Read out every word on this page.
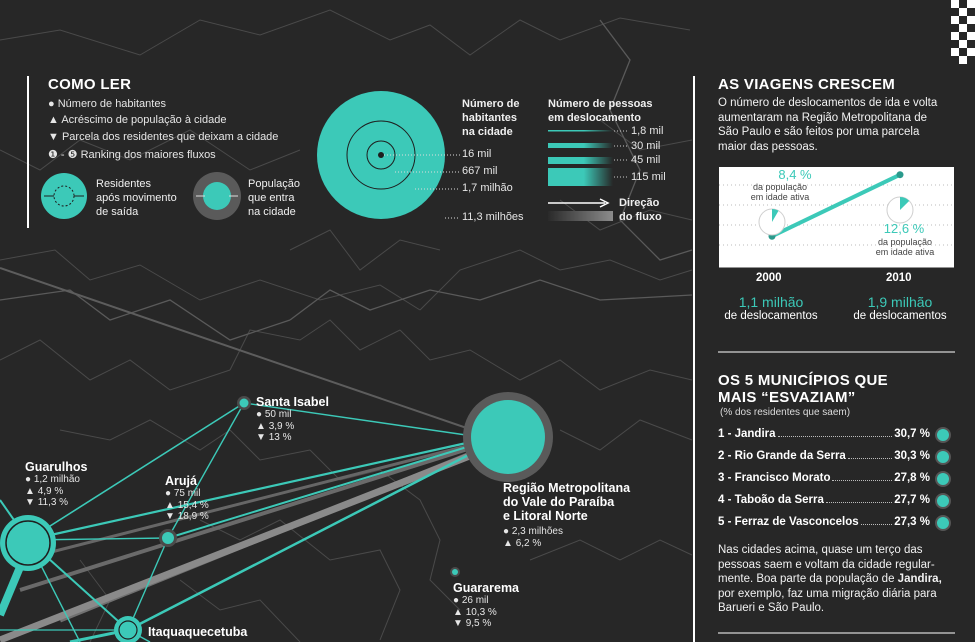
COMO LER
● Número de habitantes
▲ Acréscimo de população à cidade
▼ Parcela dos residentes que deixam a cidade
❶ - ❺ Ranking dos maiores fluxos
Residentes
após movimento
de saída
População
que entra
na cidade
Número de
habitantes
na cidade
16 mil
667 mil
1,7 milhão
11,3 milhões
Número de pessoas
em deslocamento
1,8 mil
30 mil
45 mil
115 mil
Direção
do fluxo
Santa Isabel
● 50 mil
▲ 3,9 %
▼ 13 %
Guarulhos
● 1,2 milhão
▲ 4,9 %
▼ 11,3 %
Arujá
● 75 mil
▲ 15,4 %
▼ 18,9 %
Região Metropolitana
do Vale do Paraíba
e Litoral Norte
● 2,3 milhões
▲ 6,2 %
Guararema
● 26 mil
▲ 10,3 %
▼ 9,5 %
Itaquaquecetuba
AS VIAGENS CRESCEM
O número de deslocamentos de ida e volta
aumentaram na Região Metropolitana de
São Paulo e são feitos por uma parcela
maior das pessoas.
8,4 %
da população
em idade ativa
12,6 %
da população
em idade ativa
2000	2010
1,1 milhão
de deslocamentos
1,9 milhão
de deslocamentos
OS 5 MUNICÍPIOS QUE
MAIS “ESVAZIAM”
(% dos residentes que saem)
1 - Jandira	30,7 %
2 - Rio Grande da Serra	30,3 %
3 - Francisco Morato	27,8 %
4 - Taboão da Serra	27,7 %
5 - Ferraz de Vasconcelos	27,3 %
Nas cidades acima, quase um terço das
pessoas saem e voltam da cidade regular-
mente. Boa parte da população de Jandira,
por exemplo, faz uma migração diária para
Barueri e São Paulo.
